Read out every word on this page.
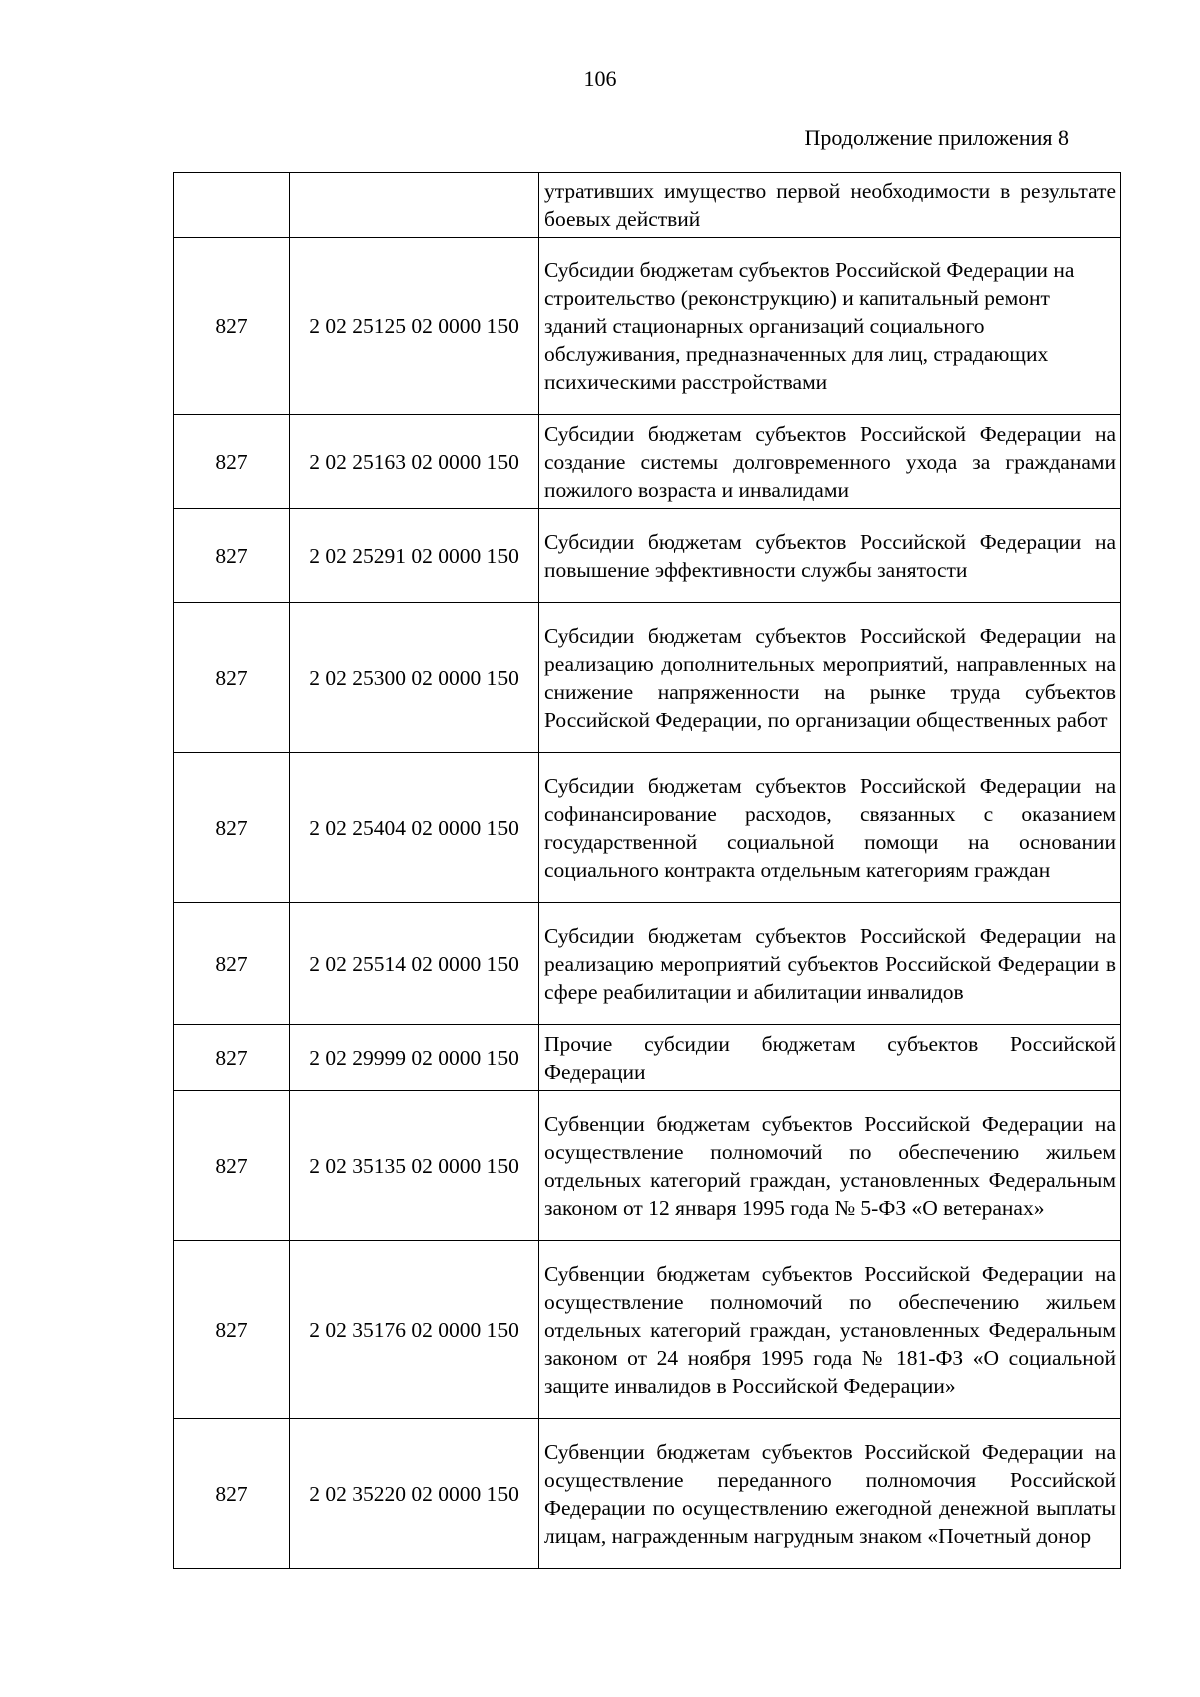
106
Продолжение приложения 8
		утративших имущество первой необходимости в результате боевых действий
827	2 02 25125 02 0000 150	Субсидии бюджетам субъектов Российской Федерации на строительство (реконструкцию) и капитальный ремонт зданий стационарных организаций социального обслуживания, предназначенных для лиц, страдающих психическими расстройствами
827	2 02 25163 02 0000 150	Субсидии бюджетам субъектов Российской Федерации на создание системы долговременного ухода за гражданами пожилого возраста и инвалидами
827	2 02 25291 02 0000 150	Субсидии бюджетам субъектов Российской Федерации на повышение эффективности службы занятости
827	2 02 25300 02 0000 150	Субсидии бюджетам субъектов Российской Федерации на реализацию дополнительных мероприятий, направленных на снижение напряженности на рынке труда субъектов Российской Федерации, по организации общественных работ
827	2 02 25404 02 0000 150	Субсидии бюджетам субъектов Российской Федерации на софинансирование расходов, связанных с оказанием государственной социальной помощи на основании социального контракта отдельным категориям граждан
827	2 02 25514 02 0000 150	Субсидии бюджетам субъектов Российской Федерации на реализацию мероприятий субъектов Российской Федерации в сфере реабилитации и абилитации инвалидов
827	2 02 29999 02 0000 150	Прочие субсидии бюджетам субъектов Российской Федерации
827	2 02 35135 02 0000 150	Субвенции бюджетам субъектов Российской Федерации на осуществление полномочий по обеспечению жильем отдельных категорий граждан, установленных Федеральным законом от 12 января 1995 года № 5-ФЗ «О ветеранах»
827	2 02 35176 02 0000 150	Субвенции бюджетам субъектов Российской Федерации на осуществление полномочий по обеспечению жильем отдельных категорий граждан, установленных Федеральным законом от 24 ноября 1995 года № 181-ФЗ «О социальной защите инвалидов в Российской Федерации»
827	2 02 35220 02 0000 150	Субвенции бюджетам субъектов Российской Федерации на осуществление переданного полномочия Российской Федерации по осуществлению ежегодной денежной выплаты лицам, награжденным нагрудным знаком «Почетный донор
